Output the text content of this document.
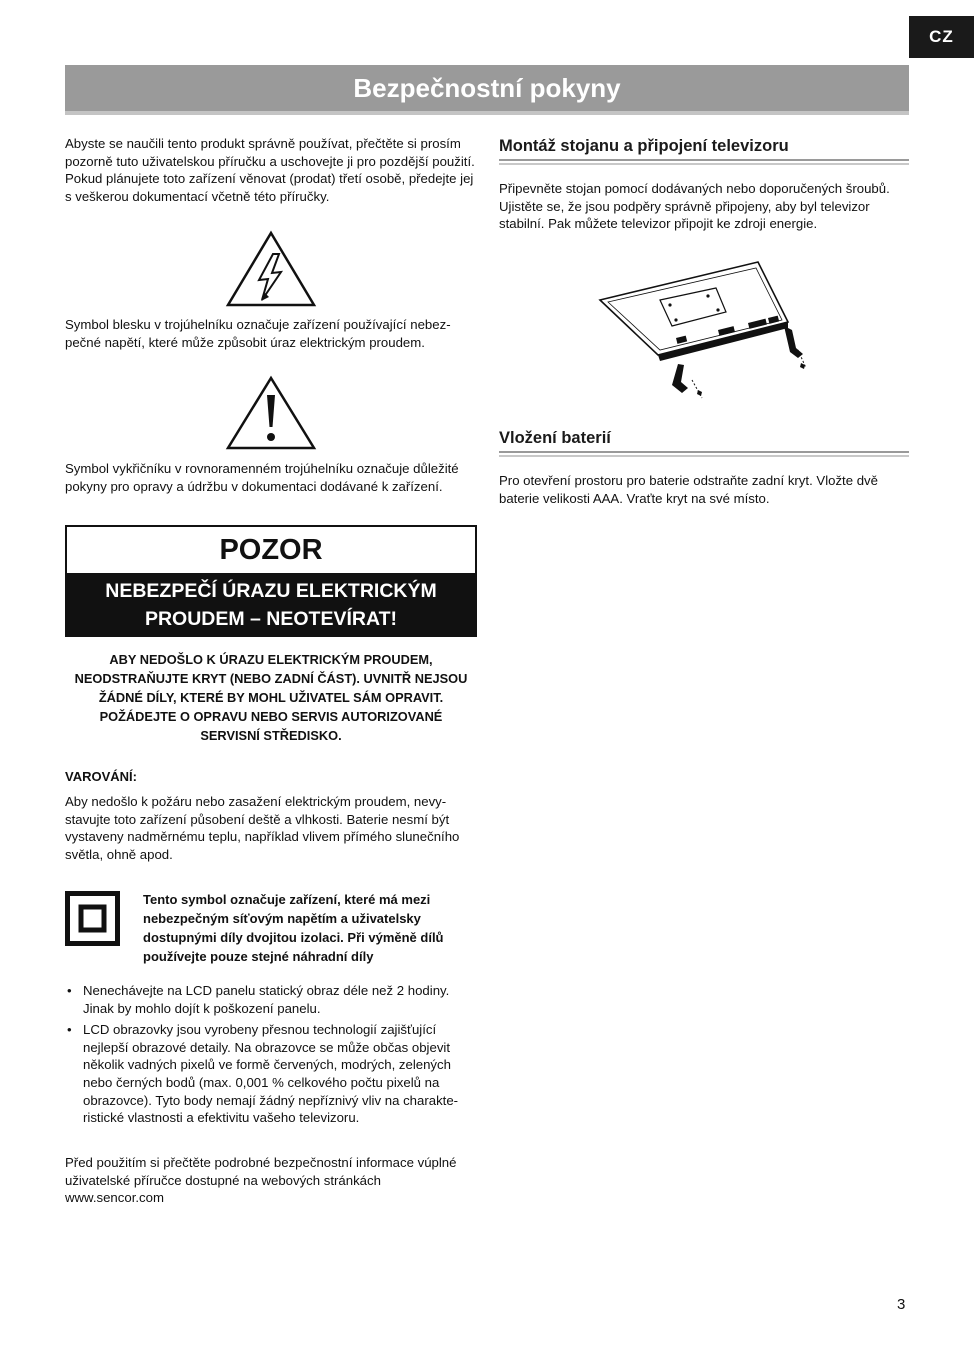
CZ
Bezpečnostní pokyny
Abyste se naučili tento produkt správně používat, přečtěte si prosím pozorně tuto uživatelskou příručku a uschovejte ji pro pozdější použití. Pokud plánujete toto zařízení věnovat (prodat) třetí osobě, předejte jej s veškerou dokumentací včetně této příručky.
Symbol blesku v trojúhelníku označuje zařízení používající nebezpečné napětí, které může způsobit úraz elektrickým proudem.
Symbol vykřičníku v rovnoramenném trojúhelníku označuje důležité pokyny pro opravy a údržbu v dokumentaci dodávané k zařízení.
POZOR
NEBEZPEČÍ ÚRAZU ELEKTRICKÝM
PROUDEM – NEOTEVÍRAT!
ABY NEDOŠLO K ÚRAZU ELEKTRICKÝM PROUDEM,
NEODSTRAŇUJTE KRYT (NEBO ZADNÍ ČÁST). UVNITŘ NEJSOU
ŽÁDNÉ DÍLY, KTERÉ BY MOHL UŽIVATEL SÁM OPRAVIT.
POŽÁDEJTE O OPRAVU NEBO SERVIS AUTORIZOVANÉ
SERVISNÍ STŘEDISKO.
VAROVÁNÍ:
Aby nedošlo k požáru nebo zasažení elektrickým proudem, nevystavujte toto zařízení působení deště a vlhkosti. Baterie nesmí být vystaveny nadměrnému teplu, například vlivem přímého slunečního světla, ohně apod.
Tento symbol označuje zařízení, které má mezi nebezpečným síťovým napětím a uživatelsky dostupnými díly dvojitou izolaci. Při výměně dílů používejte pouze stejné náhradní díly
• Nenechávejte na LCD panelu statický obraz déle než 2 hodiny. Jinak by mohlo dojít k poškození panelu.
• LCD obrazovky jsou vyrobeny přesnou technologií zajišťující nejlepší obrazové detaily. Na obrazovce se může občas objevit několik vadných pixelů ve formě červených, modrých, zelených nebo černých bodů (max. 0,001 % celkového počtu pixelů na obrazovce). Tyto body nemají žádný nepříznivý vliv na charakteristické vlastnosti a efektivitu vašeho televizoru.
Před použitím si přečtěte podrobné bezpečnostní informace vúplné
uživatelské příručce dostupné na webových stránkách
www.sencor.com
Montáž stojanu a připojení televizoru
Připevněte stojan pomocí dodávaných nebo doporučených šroubů. Ujistěte se, že jsou podpěry správně připojeny, aby byl televizor stabilní. Pak můžete televizor připojit ke zdroji energie.
Vložení baterií
Pro otevření prostoru pro baterie odstraňte zadní kryt. Vložte dvě baterie velikosti AAA. Vraťte kryt na své místo.
3
